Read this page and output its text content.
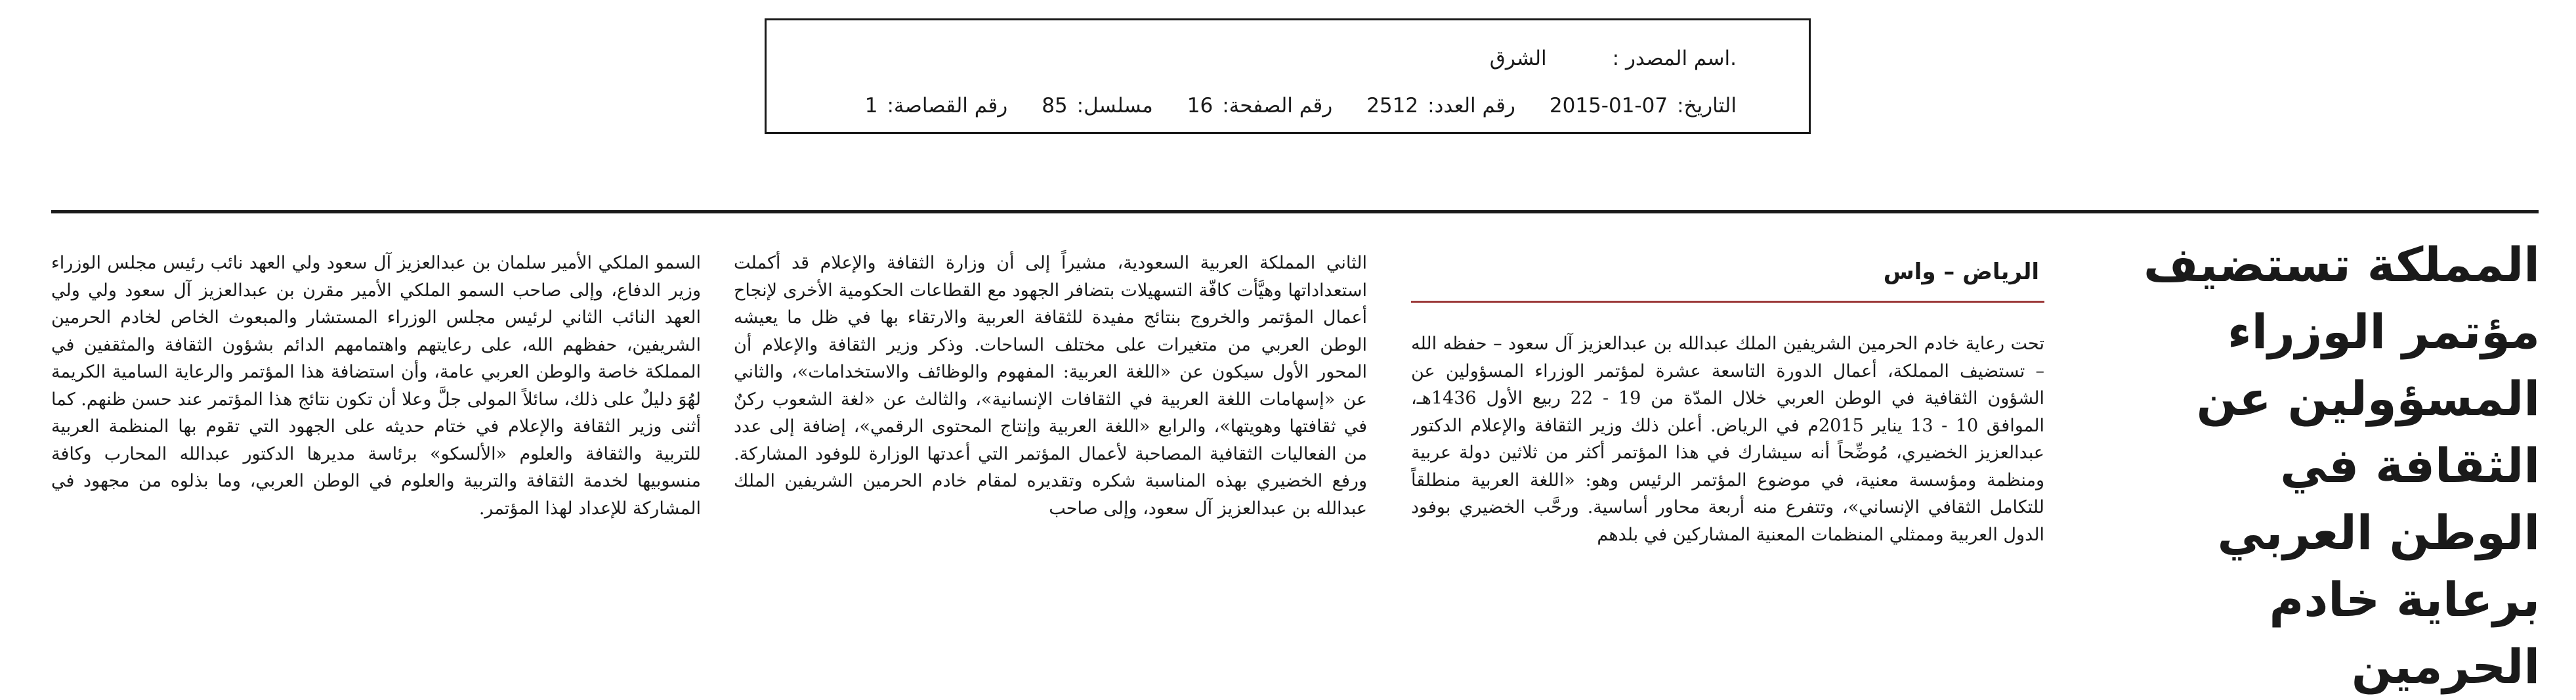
.اسم المصدر :
الشرق
التاريخ:
2015-01-07
رقم العدد:
2512
رقم الصفحة:
16
مسلسل:
85
رقم القصاصة:
1
المملكة تستضيف مؤتمر الوزراء المسؤولين عن الثقافة في الوطن العربي برعاية خادم الحرمين
الرياض – واس

تحت رعاية خادم الحرمين الشريفين الملك عبدالله بن عبدالعزيز آل سعود – حفظه الله – تستضيف المملكة، أعمال الدورة التاسعة عشرة لمؤتمر الوزراء المسؤولين عن الشؤون الثقافية في الوطن العربي خلال المدّة من 19 - 22 ربيع الأول 1436هـ، الموافق 10 - 13 يناير 2015م في الرياض. أعلن ذلك وزير الثقافة والإعلام الدكتور عبدالعزيز الخضيري، مُوضِّحاً أنه سيشارك في هذا المؤتمر أكثر من ثلاثين دولة عربية ومنظمة ومؤسسة معنية، في موضوع المؤتمر الرئيس وهو: «اللغة العربية منطلقاً للتكامل الثقافي الإنساني»، وتتفرع منه أربعة محاور أساسية. ورحَّب الخضيري بوفود الدول العربية وممثلي المنظمات المعنية المشاركين في بلدهم

الثاني المملكة العربية السعودية، مشيراً إلى أن وزارة الثقافة والإعلام قد أكملت استعداداتها وهيَّأت كافّة التسهيلات بتضافر الجهود مع القطاعات الحكومية الأخرى لإنجاح أعمال المؤتمر والخروج بنتائج مفيدة للثقافة العربية والارتقاء بها في ظل ما يعيشه الوطن العربي من متغيرات على مختلف الساحات. وذكر وزير الثقافة والإعلام أن المحور الأول سيكون عن «اللغة العربية: المفهوم والوظائف والاستخدامات»، والثاني عن «إسهامات اللغة العربية في الثقافات الإنسانية»، والثالث عن «لغة الشعوب ركنٌ في ثقافتها وهويتها»، والرابع «اللغة العربية وإنتاج المحتوى الرقمي»، إضافة إلى عدد من الفعاليات الثقافية المصاحبة لأعمال المؤتمر التي أعدتها الوزارة للوفود المشاركة. ورفع الخضيري بهذه المناسبة شكره وتقديره لمقام خادم الحرمين الشريفين الملك عبدالله بن عبدالعزيز آل سعود، وإلى صاحب

السمو الملكي الأمير سلمان بن عبدالعزيز آل سعود ولي العهد نائب رئيس مجلس الوزراء وزير الدفاع، وإلى صاحب السمو الملكي الأمير مقرن بن عبدالعزيز آل سعود ولي ولي العهد النائب الثاني لرئيس مجلس الوزراء المستشار والمبعوث الخاص لخادم الحرمين الشريفين، حفظهم الله، على رعايتهم واهتمامهم الدائم بشؤون الثقافة والمثقفين في المملكة خاصة والوطن العربي عامة، وأن استضافة هذا المؤتمر والرعاية السامية الكريمة لهُوَ دليلٌ على ذلك، سائلاً المولى جلَّ وعلا أن تكون نتائج هذا المؤتمر عند حسن ظنهم. كما أثنى وزير الثقافة والإعلام في ختام حديثه على الجهود التي تقوم بها المنظمة العربية للتربية والثقافة والعلوم «الألسكو» برئاسة مديرها الدكتور عبدالله المحارب وكافة منسوبيها لخدمة الثقافة والتربية والعلوم في الوطن العربي، وما بذلوه من مجهود في المشاركة للإعداد لهذا المؤتمر.
